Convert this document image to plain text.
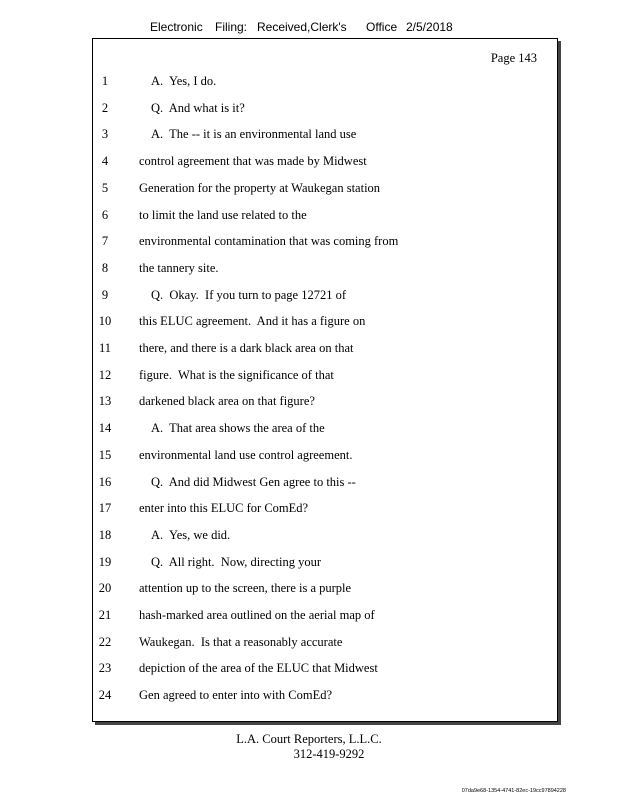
Electronic Filing: Received,Clerk's Office 2/5/2018
Page 143
1	A.  Yes, I do.
2	Q.  And what is it?
3	A.  The -- it is an environmental land use
4	control agreement that was made by Midwest
5	Generation for the property at Waukegan station
6	to limit the land use related to the
7	environmental contamination that was coming from
8	the tannery site.
9	Q.  Okay.  If you turn to page 12721 of
10	this ELUC agreement.  And it has a figure on
11	there, and there is a dark black area on that
12	figure.  What is the significance of that
13	darkened black area on that figure?
14	A.  That area shows the area of the
15	environmental land use control agreement.
16	Q.  And did Midwest Gen agree to this --
17	enter into this ELUC for ComEd?
18	A.  Yes, we did.
19	Q.  All right.  Now, directing your
20	attention up to the screen, there is a purple
21	hash-marked area outlined on the aerial map of
22	Waukegan.  Is that a reasonably accurate
23	depiction of the area of the ELUC that Midwest
24	Gen agreed to enter into with ComEd?
L.A. Court Reporters, L.L.C.
312-419-9292
07da9e68-1354-4741-82ec-19cc97894228
